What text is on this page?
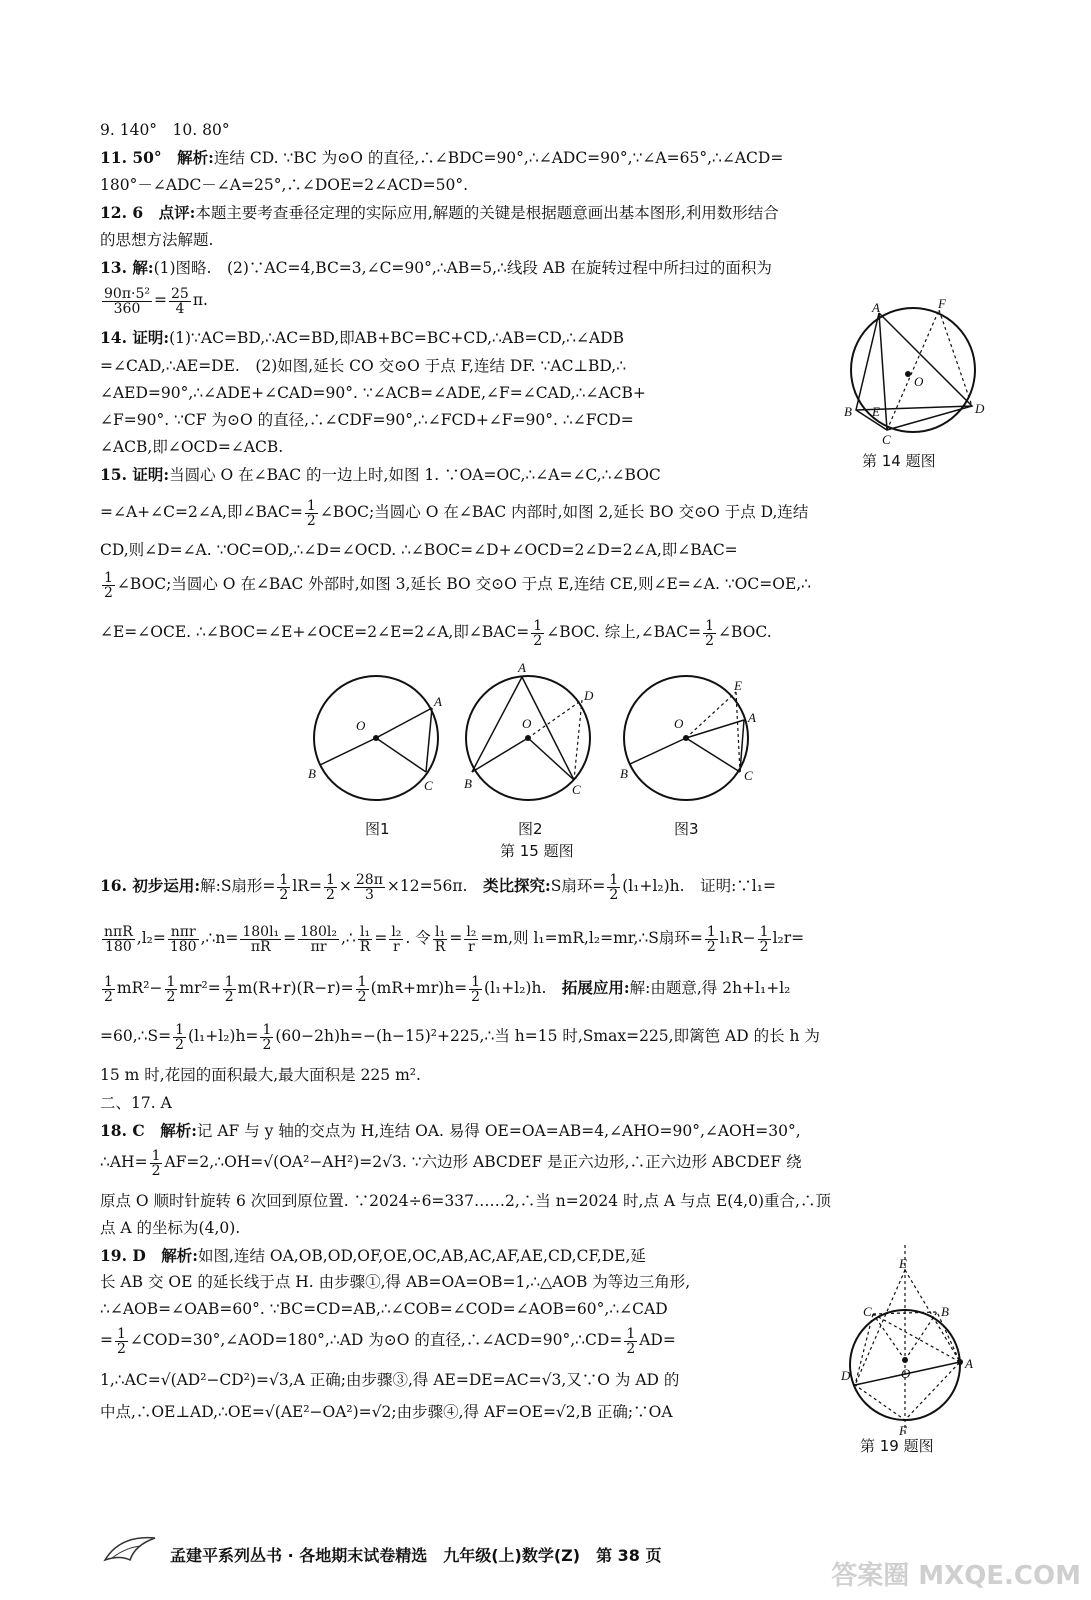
9. 140°　10. 80°
11. 50°　解析:连结 CD. ∵BC 为⊙O 的直径,∴∠BDC=90°,∴∠ADC=90°,∵∠A=65°,∴∠ACD=
180°－∠ADC－∠A=25°,∴∠DOE=2∠ACD=50°.
12. 6　点评:本题主要考查垂径定理的实际应用,解题的关键是根据题意画出基本图形,利用数形结合
的思想方法解题.
13. 解:(1)图略.　(2)∵AC=4,BC=3,∠C=90°,∴AB=5,∴线段 AB 在旋转过程中所扫过的面积为
$\frac{\text{90π·5²}}{360} = \frac{25}{4} \pi$.
14. 证明:(1)∵AC=BD,∴AC=BD,即AB+BC=BC+CD,∴AB=CD,∴∠ADB
=∠CAD,∴AE=DE.　(2)如图,延长 CO 交⊙O 于点 F,连结 DF. ∵AC⊥BD,∴
∠AED=90°,∴∠ADE+∠CAD=90°. ∵∠ACB=∠ADE,∠F=∠CAD,∴∠ACB+
∠F=90°. ∵CF 为⊙O 的直径,∴∠CDF=90°,∴∠FCD+∠F=90°. ∴∠FCD=
∠ACB,即∠OCD=∠ACB.
A	F
O
B E	D
C
第 14 题图
15. 证明:当圆心 O 在∠BAC 的一边上时,如图 1. ∵OA=OC,∴∠A=∠C,∴∠BOC
=∠A+∠C=2∠A,即∠BAC= $\frac{1}{2}$ ∠BOC;当圆心 O 在∠BAC 内部时,如图 2,延长 BO 交⊙O 于点 D,连结
CD,则∠D=∠A. ∵OC=OD,∴∠D=∠OCD. ∴∠BOC=∠D+∠OCD=2∠D=2∠A,即∠BAC=
$\frac{1}{2}$ ∠BOC;当圆心 O 在∠BAC 外部时,如图 3,延长 BO 交⊙O 于点 E,连结 CE,则∠E=∠A. ∵OC=OE,∴
∠E=∠OCE. ∴∠BOC=∠E+∠OCE=2∠E=2∠A,即∠BAC= $\frac{1}{2}$ ∠BOC. 综上,∠BAC= $\frac{1}{2}$ ∠BOC.
O
A
B
C
A
D
O
B	C
O
E
A
B	C
图1	图2	图3
第 15 题图
16. 初步运用:解:S扇形= $\frac{1}{2} lR= \frac{1}{2} \times \frac{28\pi}{3} \times 12=56\pi$.　 类比探究:S扇环= $\frac{1}{2} (l_1+l_2)h$.　证明:∵l₁=
$\frac{\text{nπR}}{180} ,l_2= \frac{\text{nπr}}{180}$ ,∴n= $\frac{\text{180l₁}}{\pi R} = \frac{\text{180l₂}}{\pi r}$ ,∴ $\frac{\text{l₁}}{R} = \frac{\text{l₂}}{r}$ . 令 $\frac{\text{l₁}}{R} = \frac{\text{l₂}}{r} =m$,则 l₁=mR,l₂=mr,∴S扇环= $\frac{1}{2} l_1R- \frac{1}{2} l_2r=$
$\frac{1}{2} mR^2- \frac{1}{2} mr^2= \frac{1}{2} m(R+r)(R-r)= \frac{1}{2} (mR+mr)h= \frac{1}{2} (l_1+l_2)h$.　 拓展应用:解:由题意,得 2h+l₁+l₂
=60,∴S= $\frac{1}{2} (l_1+l_2)h= \frac{1}{2}$ (60−2h)h=−(h−15)²+225,∴当 h=15 时,Smax=225,即篱笆 AD 的长 h 为
15 m 时,花园的面积最大,最大面积是 225 m².
二、17. A
18. C　解析:记 AF 与 y 轴的交点为 H,连结 OA. 易得 OE=OA=AB=4,∠AHO=90°,∠AOH=30°,
∴AH= $\frac{1}{2}$ AF=2,∴OH=√(OA²−AH²)=2√3. ∵六边形 ABCDEF 是正六边形,∴正六边形 ABCDEF 绕
原点 O 顺时针旋转 6 次回到原位置. ∵2024÷6=337……2,∴当 n=2024 时,点 A 与点 E(4,0)重合,∴顶
点 A 的坐标为(4,0).
19. D　解析:如图,连结 OA,OB,OD,OF,OE,OC,AB,AC,AF,AE,CD,CF,DE,延
长 AB 交 OE 的延长线于点 H. 由步骤①,得 AB=OA=OB=1,∴△AOB 为等边三角形,
∴∠AOB=∠OAB=60°. ∵BC=CD=AB,∴∠COB=∠COD=∠AOB=60°,∴∠CAD
= $\frac{1}{2}$ ∠COD=30°,∠AOD=180°,∴AD 为⊙O 的直径,∴∠ACD=90°,∴CD= $\frac{1}{2} AD=$
1,∴AC=√(AD²−CD²)=√3,A 正确;由步骤③,得 AE=DE=AC=√3,又∵O 为 AD 的
中点,∴OE⊥AD,∴OE=√(AE²−OA²)=√2;由步骤④,得 AF=OE=√2,B 正确;∵OA
E
C	B
A
D	O
F
第 19 题图
孟建平系列丛书 · 各地期末试卷精选　九年级(上)数学(Z)　第 38 页
答案圈 MXQE.COM
